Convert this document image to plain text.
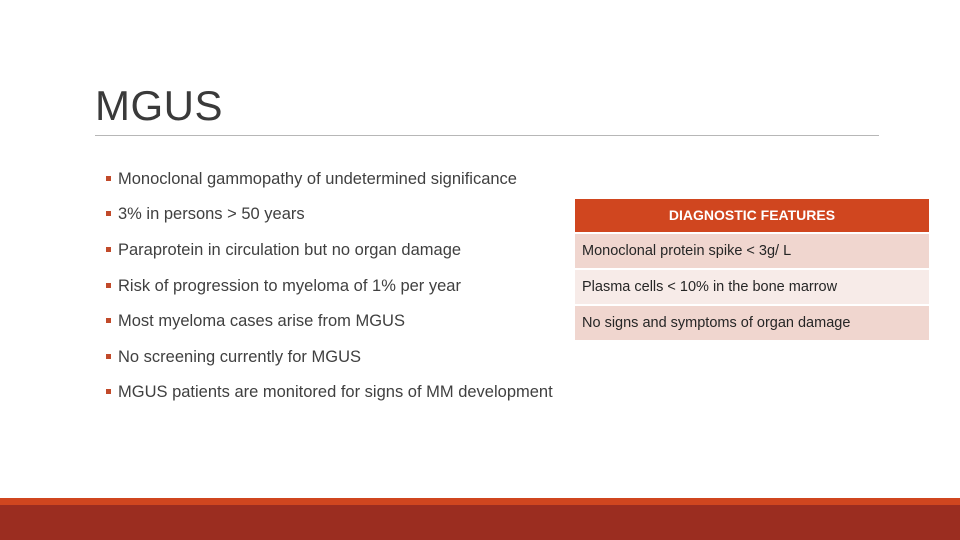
MGUS
Monoclonal gammopathy of undetermined significance
3% in persons > 50 years
Paraprotein in circulation but no organ damage
Risk of progression to myeloma of 1% per year
Most myeloma cases arise from MGUS
No screening currently for MGUS
MGUS patients are monitored for signs of MM development
DIAGNOSTIC FEATURES
Monoclonal protein spike < 3g/ L
Plasma cells < 10% in the bone marrow
No signs and symptoms of organ damage
